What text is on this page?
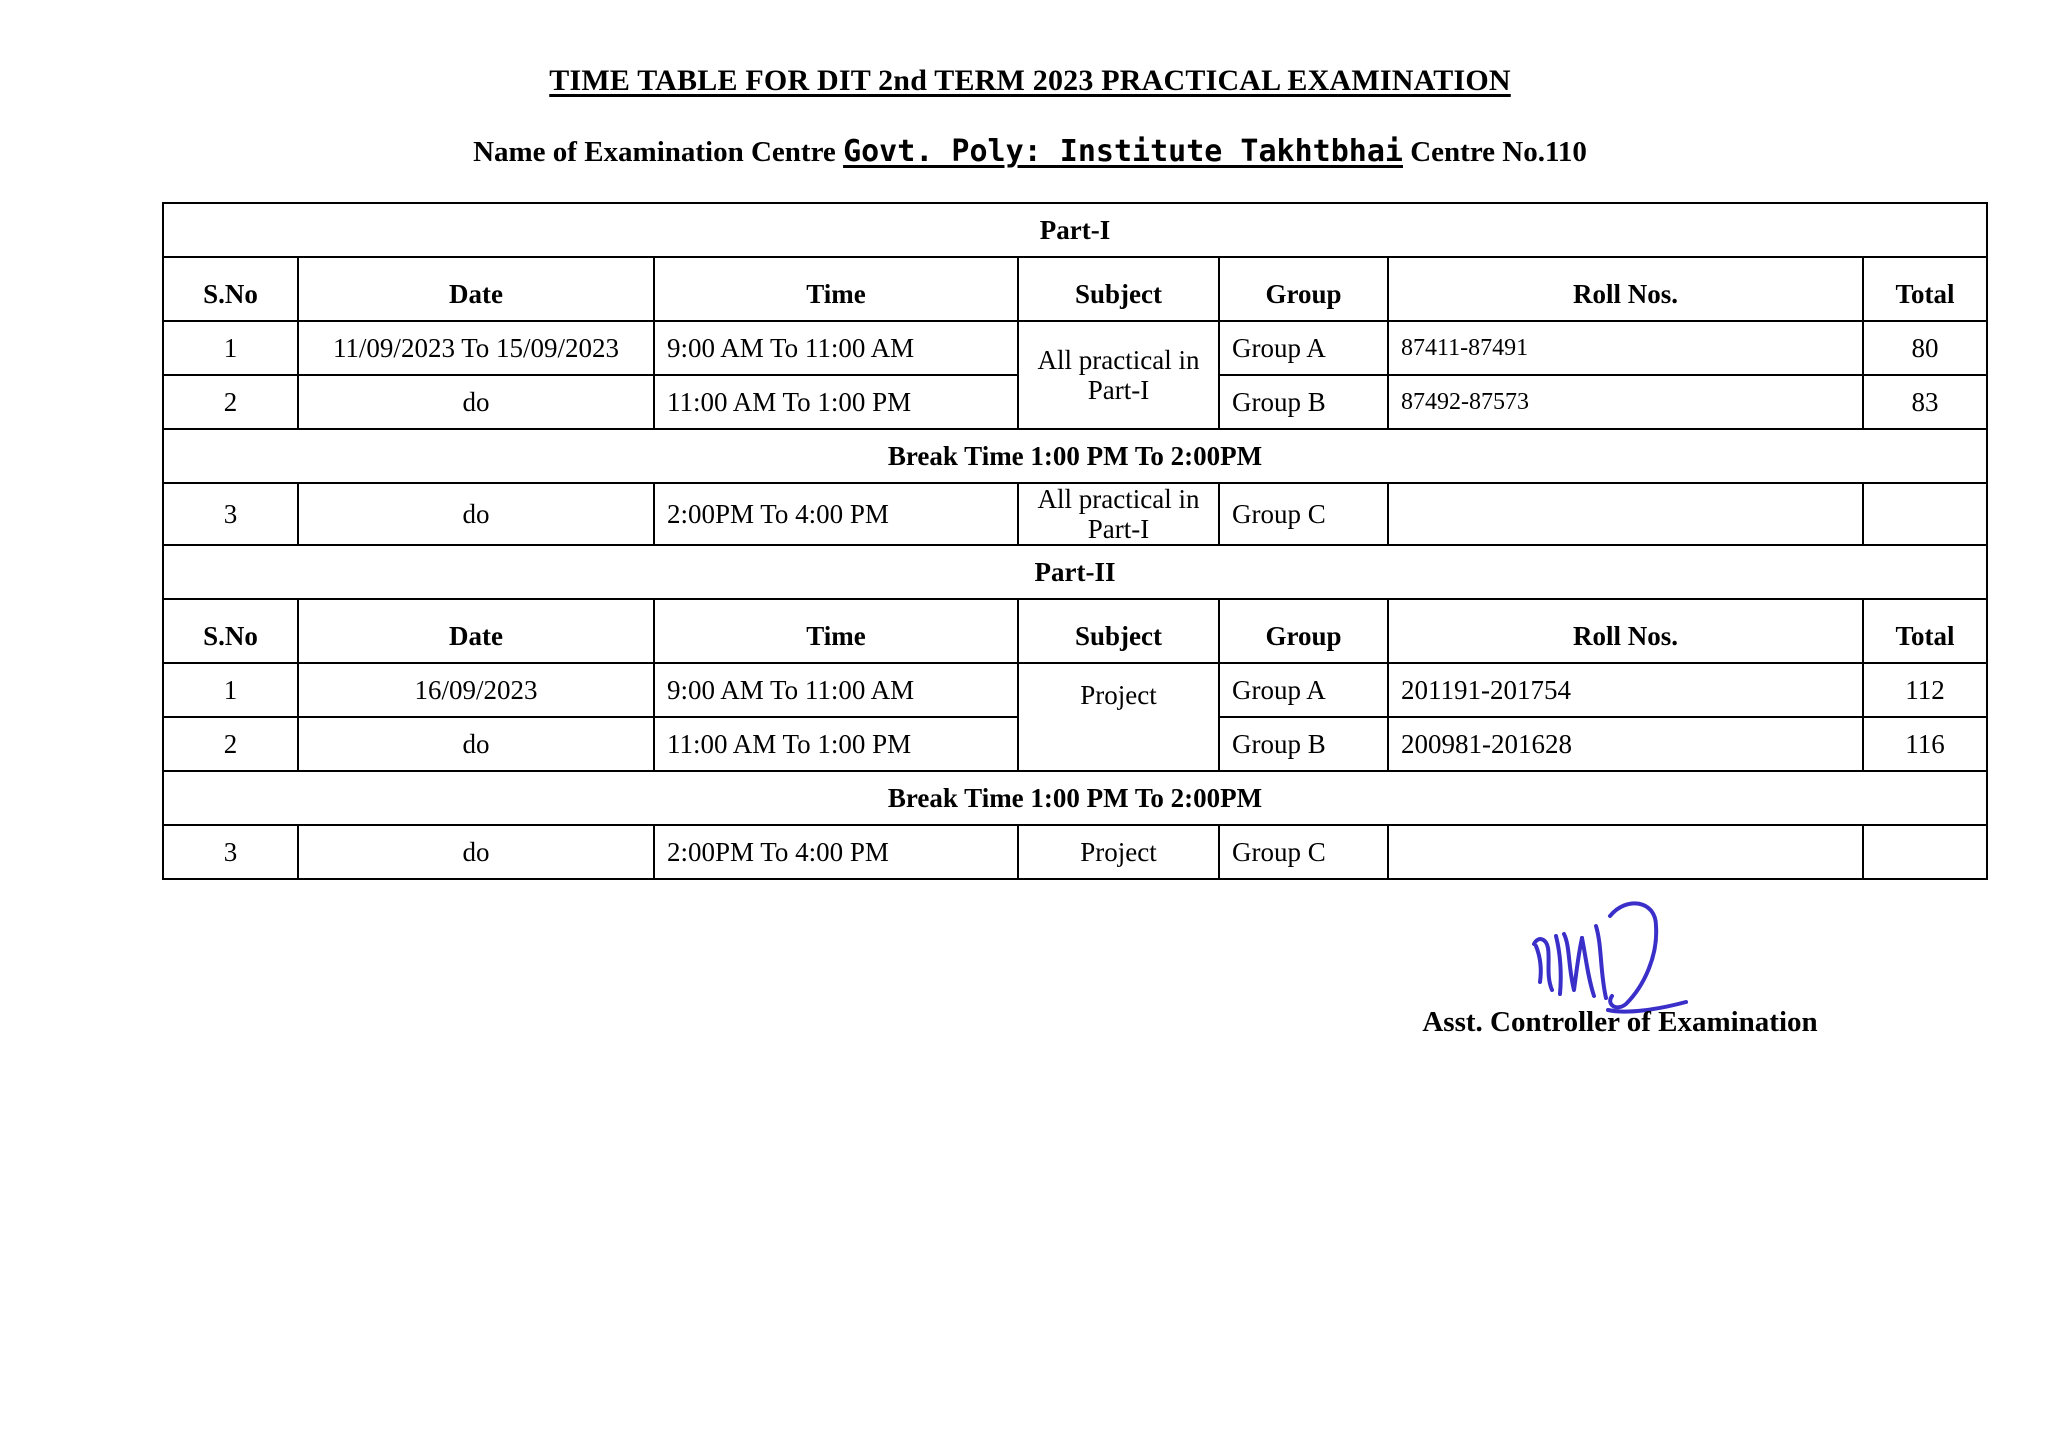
TIME TABLE FOR DIT 2nd TERM 2023 PRACTICAL EXAMINATION
Name of Examination Centre Govt. Poly: Institute Takhtbhai Centre No.110
Part-I						
S.No	Date	Time	Subject	Group	Roll Nos.	Total
1	11/09/2023 To 15/09/2023	9:00 AM To 11:00 AM	All practical in Part-I	Group A	87411-87491	80
2	do	11:00 AM To 1:00 PM		Group B	87492-87573	83
Break Time 1:00 PM To 2:00PM						
3	do	2:00PM To 4:00 PM	All practical in Part-I	Group C		
Part-II						
S.No	Date	Time	Subject	Group	Roll Nos.	Total
1	16/09/2023	9:00 AM To 11:00 AM	Project	Group A	201191-201754	112
2	do	11:00 AM To 1:00 PM		Group B	200981-201628	116
Break Time 1:00 PM To 2:00PM						
3	do	2:00PM To 4:00 PM	Project	Group C		
Asst. Controller of Examination
